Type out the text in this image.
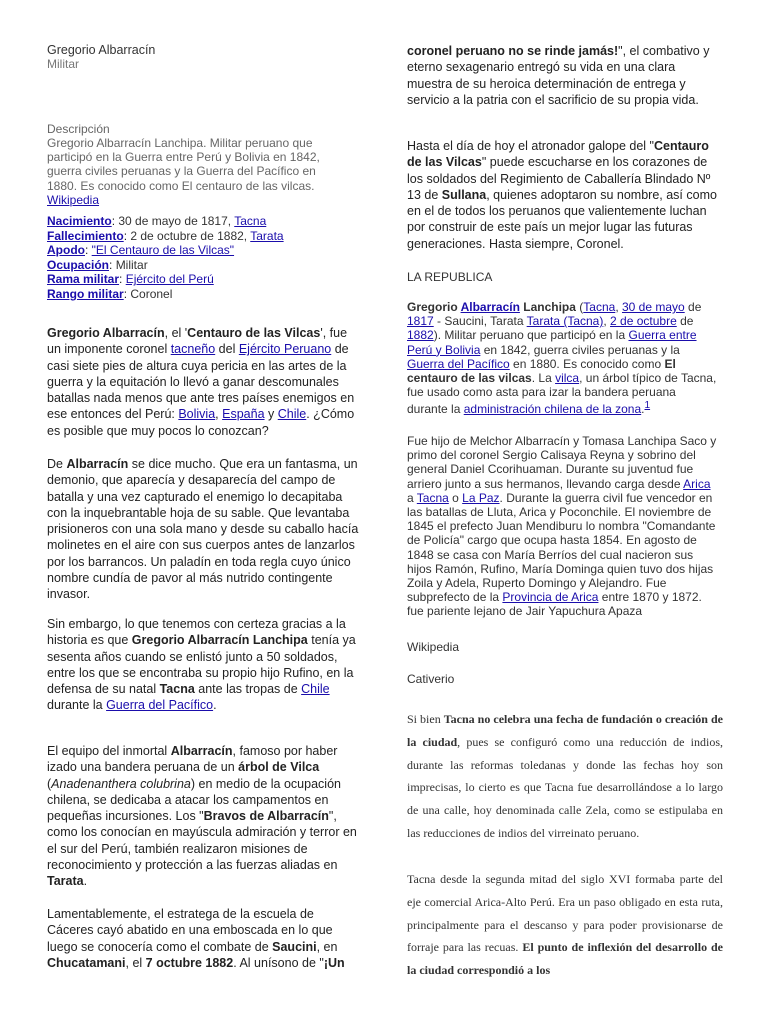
Gregorio Albarracín
Militar
Descripción
Gregorio Albarracín Lanchipa. Militar peruano que participó en la Guerra entre Perú y Bolivia en 1842, guerra civiles peruanas y la Guerra del Pacífico en 1880. Es conocido como El centauro de las vilcas. Wikipedia
Nacimiento: 30 de mayo de 1817, Tacna
Fallecimiento: 2 de octubre de 1882, Tarata
Apodo: "El Centauro de las Vilcas"
Ocupación: Militar
Rama militar: Ejército del Perú
Rango militar: Coronel
Gregorio Albarracín, el 'Centauro de las Vilcas', fue un imponente coronel tacneño del Ejército Peruano de casi siete pies de altura cuya pericia en las artes de la guerra y la equitación lo llevó a ganar descomunales batallas nada menos que ante tres países enemigos en ese entonces del Perú: Bolivia, España y Chile. ¿Cómo es posible que muy pocos lo conozcan?
De Albarracín se dice mucho. Que era un fantasma, un demonio, que aparecía y desaparecía del campo de batalla y una vez capturado el enemigo lo decapitaba con la inquebrantable hoja de su sable. Que levantaba prisioneros con una sola mano y desde su caballo hacía molinetes en el aire con sus cuerpos antes de lanzarlos por los barrancos. Un paladín en toda regla cuyo único nombre cundía de pavor al más nutrido contingente invasor.
Sin embargo, lo que tenemos con certeza gracias a la historia es que Gregorio Albarracín Lanchipa tenía ya sesenta años cuando se enlistó junto a 50 soldados, entre los que se encontraba su propio hijo Rufino, en la defensa de su natal Tacna ante las tropas de Chile durante la Guerra del Pacífico.
El equipo del inmortal Albarracín, famoso por haber izado una bandera peruana de un árbol de Vilca (Anadenanthera colubrina) en medio de la ocupación chilena, se dedicaba a atacar los campamentos en pequeñas incursiones. Los "Bravos de Albarracín", como los conocían en mayúscula admiración y terror en el sur del Perú, también realizaron misiones de reconocimiento y protección a las fuerzas aliadas en Tarata.
Lamentablemente, el estratega de la escuela de Cáceres cayó abatido en una emboscada en lo que luego se conocería como el combate de Saucini, en Chucatamani, el 7 octubre 1882. Al unísono de "¡Un
coronel peruano no se rinde jamás!", el combativo y eterno sexagenario entregó su vida en una clara muestra de su heroica determinación de entrega y servicio a la patria con el sacrificio de su propia vida.
Hasta el día de hoy el atronador galope del "Centauro de las Vilcas" puede escucharse en los corazones de los soldados del Regimiento de Caballería Blindado Nº 13 de Sullana, quienes adoptaron su nombre, así como en el de todos los peruanos que valientemente luchan por construir de este país un mejor lugar las futuras generaciones. Hasta siempre, Coronel.
LA REPUBLICA
Gregorio Albarracín Lanchipa (Tacna, 30 de mayo de 1817 - Saucini, Tarata Tarata (Tacna), 2 de octubre de 1882). Militar peruano que participó en la Guerra entre Perú y Bolivia en 1842, guerra civiles peruanas y la Guerra del Pacífico en 1880. Es conocido como El centauro de las vilcas. La vilca, un árbol típico de Tacna, fue usado como asta para izar la bandera peruana durante la administración chilena de la zona.$^1$
Fue hijo de Melchor Albarracín y Tomasa Lanchipa Saco y primo del coronel Sergio Calisaya Reyna y sobrino del general Daniel Ccorihuaman. Durante su juventud fue arriero junto a sus hermanos, llevando carga desde Arica a Tacna o La Paz. Durante la guerra civil fue vencedor en las batallas de Lluta, Arica y Poconchile. El noviembre de 1845 el prefecto Juan Mendiburu lo nombra "Comandante de Policía" cargo que ocupa hasta 1854. En agosto de 1848 se casa con María Berríos del cual nacieron sus hijos Ramón, Rufino, María Dominga quien tuvo dos hijas Zoila y Adela, Ruperto Domingo y Alejandro. Fue subprefecto de la Provincia de Arica entre 1870 y 1872. fue pariente lejano de Jair Yapuchura Apaza
Wikipedia
Cativerio
Si bien Tacna no celebra una fecha de fundación o creación de la ciudad, pues se configuró como una reducción de indios, durante las reformas toledanas y donde las fechas hoy son imprecisas, lo cierto es que Tacna fue desarrollándose a lo largo de una calle, hoy denominada calle Zela, como se estipulaba en las reducciones de indios del virreinato peruano.
Tacna desde la segunda mitad del siglo XVI formaba parte del eje comercial Arica-Alto Perú. Era un paso obligado en esta ruta, principalmente para el descanso y para poder provisionarse de forraje para las recuas. El punto de inflexión del desarrollo de la ciudad correspondió a los
